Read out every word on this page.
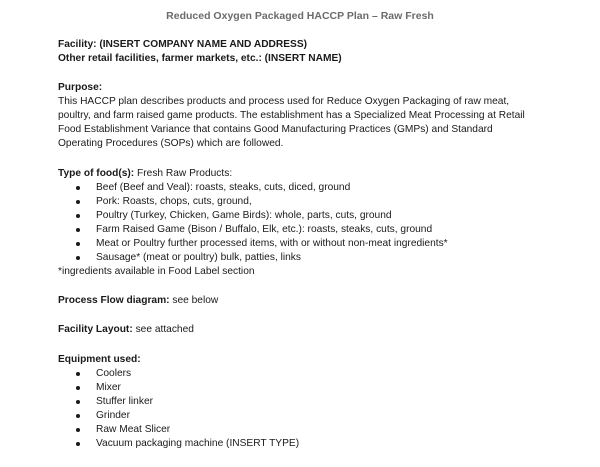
Reduced Oxygen Packaged HACCP Plan – Raw Fresh
Facility: (INSERT COMPANY NAME AND ADDRESS)
Other retail facilities, farmer markets, etc.: (INSERT NAME)
Purpose:
This HACCP plan describes products and process used for Reduce Oxygen Packaging of raw meat,
poultry, and farm raised game products. The establishment has a Specialized Meat Processing at Retail
Food Establishment Variance that contains Good Manufacturing Practices (GMPs) and Standard
Operating Procedures (SOPs) which are followed.
Type of food(s): Fresh Raw Products:
Beef (Beef and Veal): roasts, steaks, cuts, diced, ground
Pork: Roasts, chops, cuts, ground,
Poultry (Turkey, Chicken, Game Birds): whole, parts, cuts, ground
Farm Raised Game (Bison / Buffalo, Elk, etc.): roasts, steaks, cuts, ground
Meat or Poultry further processed items, with or without non-meat ingredients*
Sausage* (meat or poultry) bulk, patties, links
*ingredients available in Food Label section
Process Flow diagram: see below
Facility Layout: see attached
Equipment used:
Coolers
Mixer
Stuffer linker
Grinder
Raw Meat Slicer
Vacuum packaging machine (INSERT TYPE)
